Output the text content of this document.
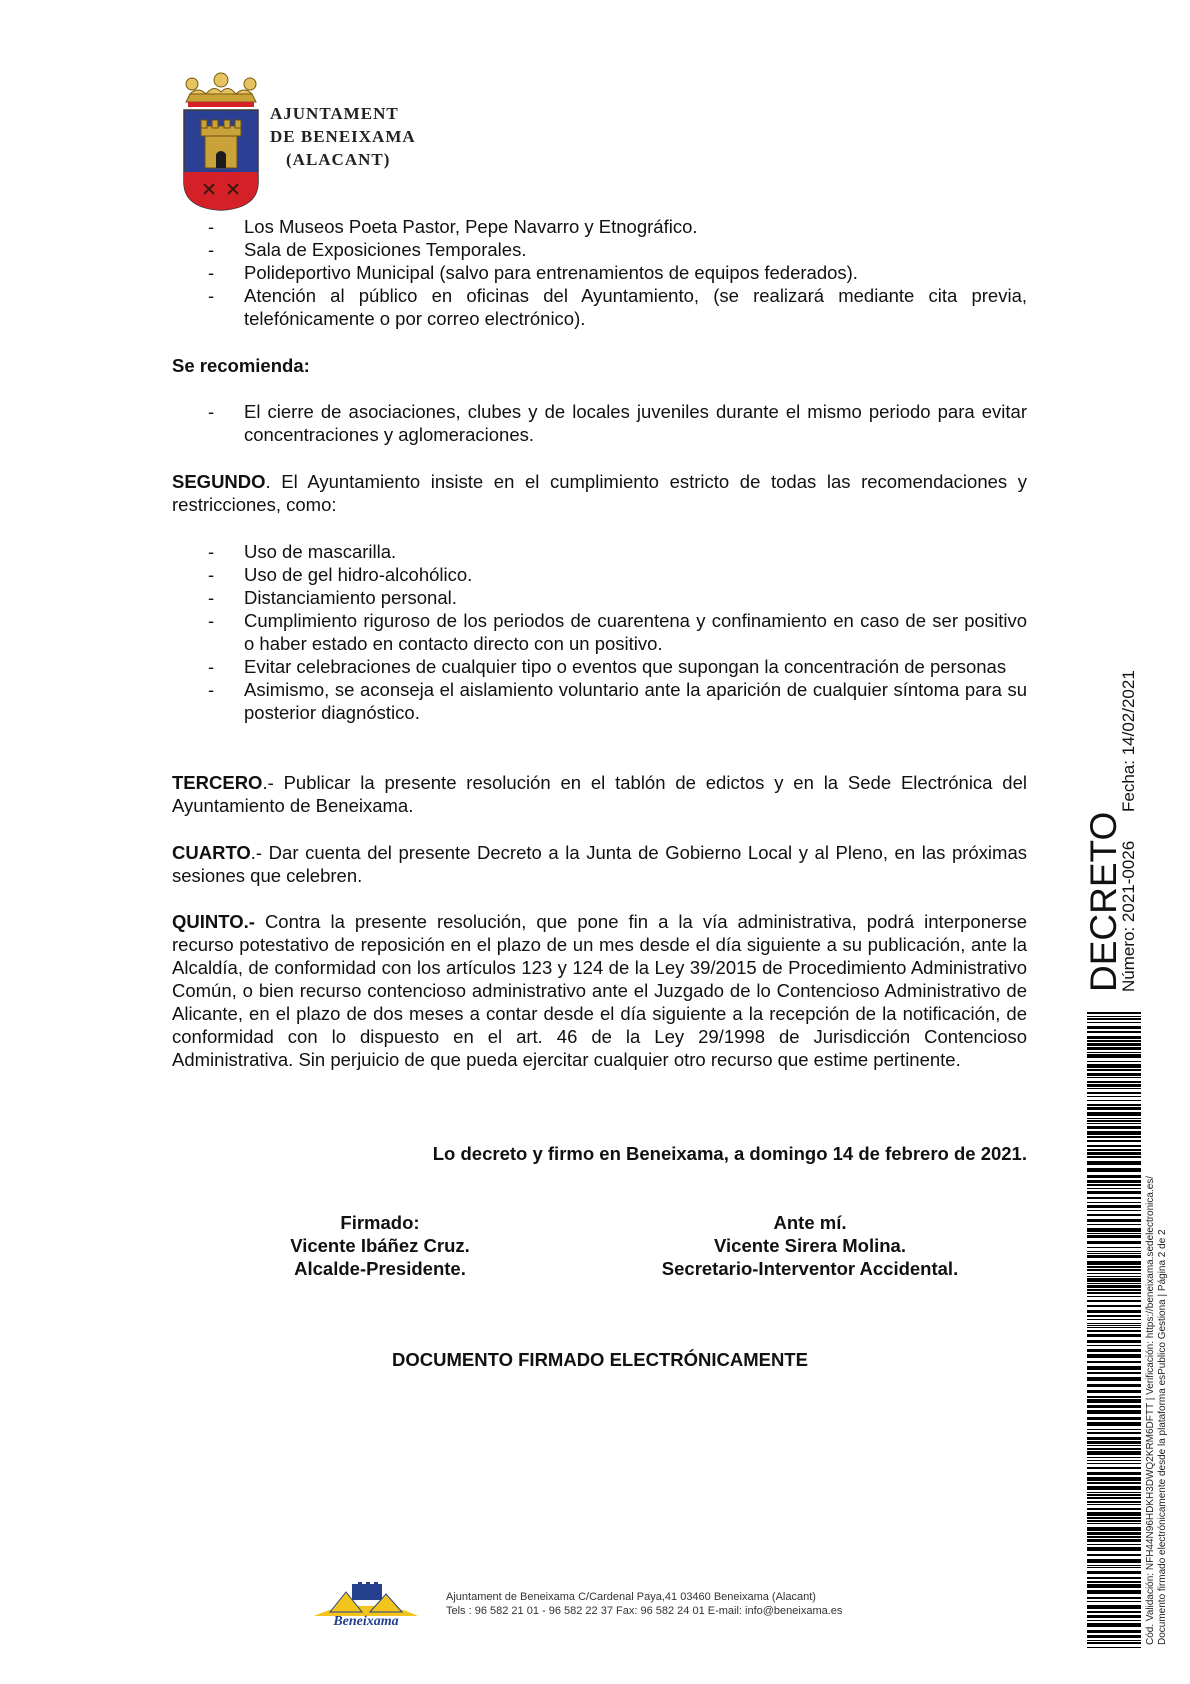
AJUNTAMENT
DE BENEIXAMA
(ALACANT)
- Los Museos Poeta Pastor, Pepe Navarro y Etnográfico.
- Sala de Exposiciones Temporales.
- Polideportivo Municipal (salvo para entrenamientos de equipos federados).
- Atención al público en oficinas del Ayuntamiento, (se realizará mediante cita previa, telefónicamente o por correo electrónico).
Se recomienda:
- El cierre de asociaciones, clubes y de locales juveniles durante el mismo periodo para evitar concentraciones y aglomeraciones.
SEGUNDO. El Ayuntamiento insiste en el cumplimiento estricto de todas las recomendaciones y restricciones, como:
- Uso de mascarilla.
- Uso de gel hidro-alcohólico.
- Distanciamiento personal.
- Cumplimiento riguroso de los periodos de cuarentena y confinamiento en caso de ser positivo o haber estado en contacto directo con un positivo.
- Evitar celebraciones de cualquier tipo o eventos que supongan la concentración de personas
- Asimismo, se aconseja el aislamiento voluntario ante la aparición de cualquier síntoma para su posterior diagnóstico.
TERCERO.- Publicar la presente resolución en el tablón de edictos y en la Sede Electrónica del Ayuntamiento de Beneixama.
CUARTO.- Dar cuenta del presente Decreto a la Junta de Gobierno Local y al Pleno, en las próximas sesiones que celebren.
QUINTO.- Contra la presente resolución, que pone fin a la vía administrativa, podrá interponerse recurso potestativo de reposición en el plazo de un mes desde el día siguiente a su publicación, ante la Alcaldía, de conformidad con los artículos 123 y 124 de la Ley 39/2015 de Procedimiento Administrativo Común, o bien recurso contencioso administrativo ante el Juzgado de lo Contencioso Administrativo de Alicante, en el plazo de dos meses a contar desde el día siguiente a la recepción de la notificación, de conformidad con lo dispuesto en el art. 46 de la Ley 29/1998 de Jurisdicción Contencioso Administrativa. Sin perjuicio de que pueda ejercitar cualquier otro recurso que estime pertinente.
Lo decreto y firmo en Beneixama, a domingo 14 de febrero de 2021.
Firmado:
Vicente Ibáñez Cruz.
Alcalde-Presidente.
Ante mí.
Vicente Sirera Molina.
Secretario-Interventor Accidental.
DOCUMENTO FIRMADO ELECTRÓNICAMENTE
DECRETO
Número: 2021-0026
Fecha: 14/02/2021
Cód. Validación: NFH44N96HDKH3DWQ2KRM6DFTT | Verificación: https://beneixama.sedelectronica.es/ Documento firmado electrónicamente desde la plataforma esPublico Gestiona | Página 2 de 2
Beneixama
Ajuntament de Beneixama C/Cardenal Paya,41 03460 Beneixama (Alacant)
Tels : 96 582 21 01 - 96 582 22 37 Fax: 96 582 24 01 E-mail: info@beneixama.es
